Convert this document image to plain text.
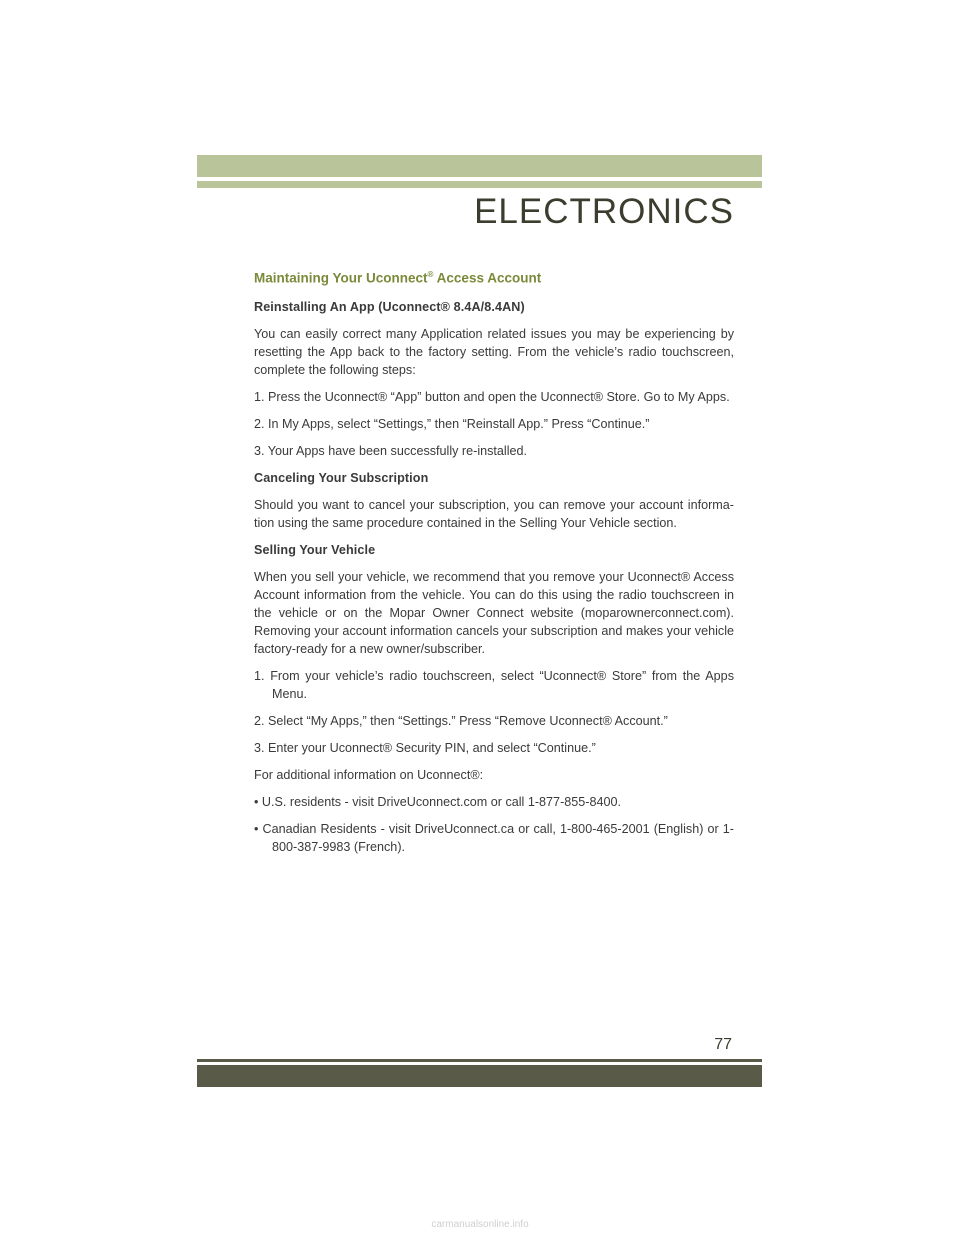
ELECTRONICS
Maintaining Your Uconnect® Access Account
Reinstalling An App (Uconnect® 8.4A/8.4AN)
You can easily correct many Application related issues you may be experiencing by resetting the App back to the factory setting. From the vehicle’s radio touchscreen, complete the following steps:
1. Press the Uconnect® “App” button and open the Uconnect® Store. Go to My Apps.
2. In My Apps, select “Settings,” then “Reinstall App.” Press “Continue.”
3. Your Apps have been successfully re-installed.
Canceling Your Subscription
Should you want to cancel your subscription, you can remove your account informa-tion using the same procedure contained in the Selling Your Vehicle section.
Selling Your Vehicle
When you sell your vehicle, we recommend that you remove your Uconnect® Access Account information from the vehicle. You can do this using the radio touchscreen in the vehicle or on the Mopar Owner Connect website (moparownerconnect.com). Removing your account information cancels your subscription and makes your vehicle factory-ready for a new owner/subscriber.
1. From your vehicle’s radio touchscreen, select “Uconnect® Store” from the Apps Menu.
2. Select “My Apps,” then “Settings.” Press “Remove Uconnect® Account.”
3. Enter your Uconnect® Security PIN, and select “Continue.”
For additional information on Uconnect®:
• U.S. residents - visit DriveUconnect.com or call 1-877-855-8400.
• Canadian Residents - visit DriveUconnect.ca or call, 1-800-465-2001 (English) or 1-800-387-9983 (French).
77
carmanualsonline.info
